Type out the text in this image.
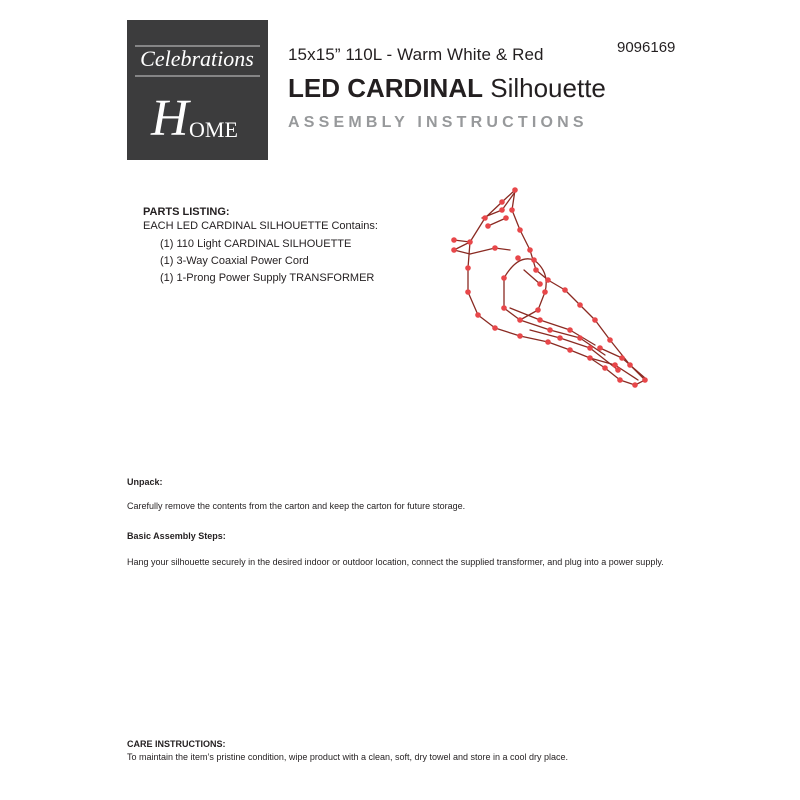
Celebrations
H OME
15x15” 110L - Warm White & Red	9096169
LED CARDINAL Silhouette
ASSEMBLY INSTRUCTIONS
PARTS LISTING:
EACH LED CARDINAL SILHOUETTE Contains:
(1) 110 Light CARDINAL SILHOUETTE
(1) 3-Way Coaxial Power Cord
(1) 1-Prong Power Supply TRANSFORMER
Unpack:
Carefully remove the contents from the carton and keep the carton for future storage.
Basic Assembly Steps:
Hang your silhouette securely in the desired indoor or outdoor location, connect the supplied transformer, and plug into a power supply.
CARE INSTRUCTIONS:
To maintain the item’s pristine condition, wipe product with a clean, soft, dry towel and store in a cool dry place.
